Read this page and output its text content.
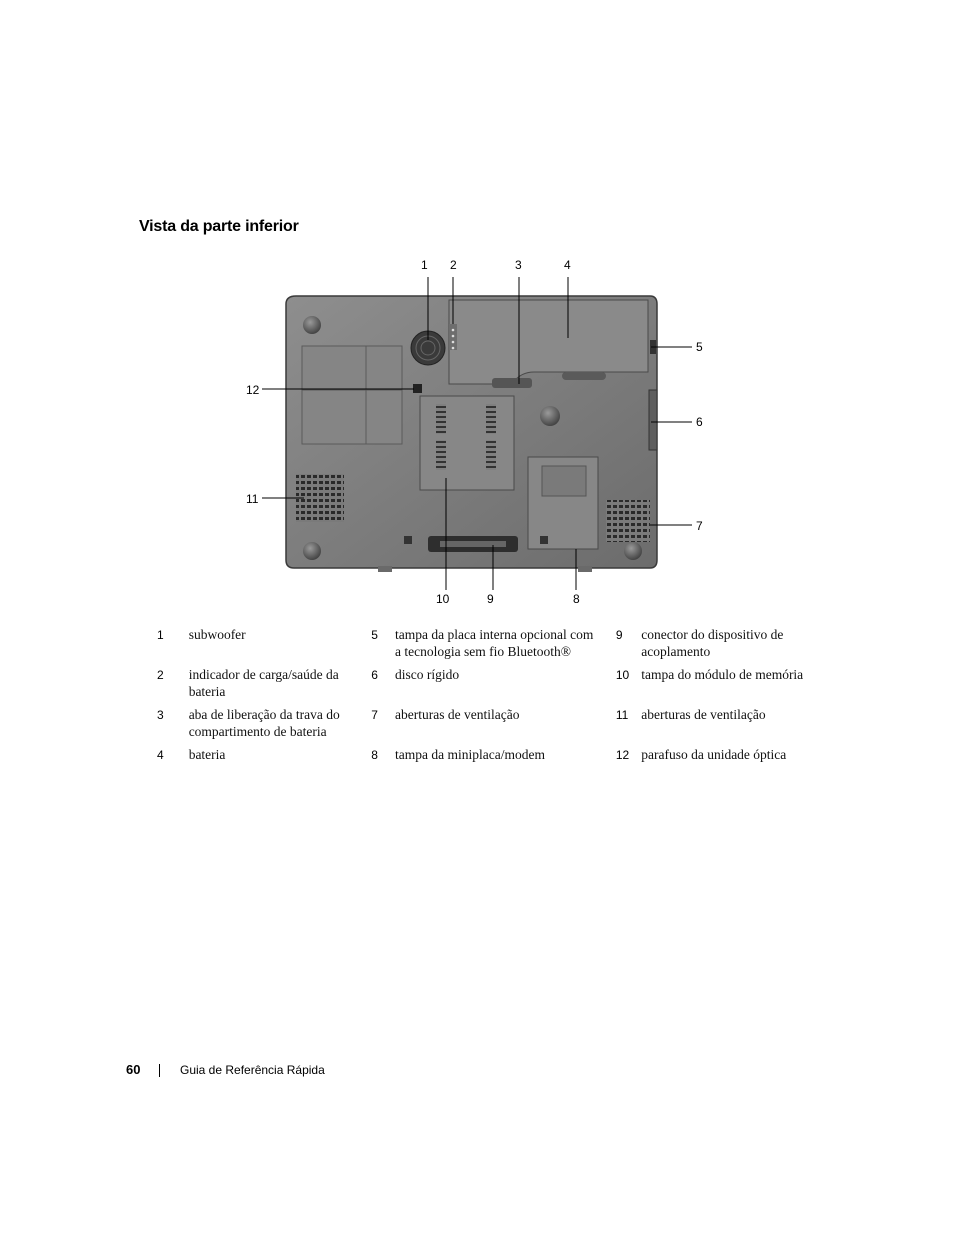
Vista da parte inferior
1 2	3	4
5
6
7
8
9
10
11
12
1	subwoofer	5	tampa da placa interna opcional com a tecnologia sem fio Bluetooth®	9	conector do dispositivo de acoplamento
2	indicador de carga/saúde da bateria	6	disco rígido	10	tampa do módulo de memória
3	aba de liberação da trava do compartimento de bateria	7	aberturas de ventilação	11	aberturas de ventilação
4	bateria	8	tampa da miniplaca/modem	12	parafuso da unidade óptica
60	Guia de Referência Rápida
